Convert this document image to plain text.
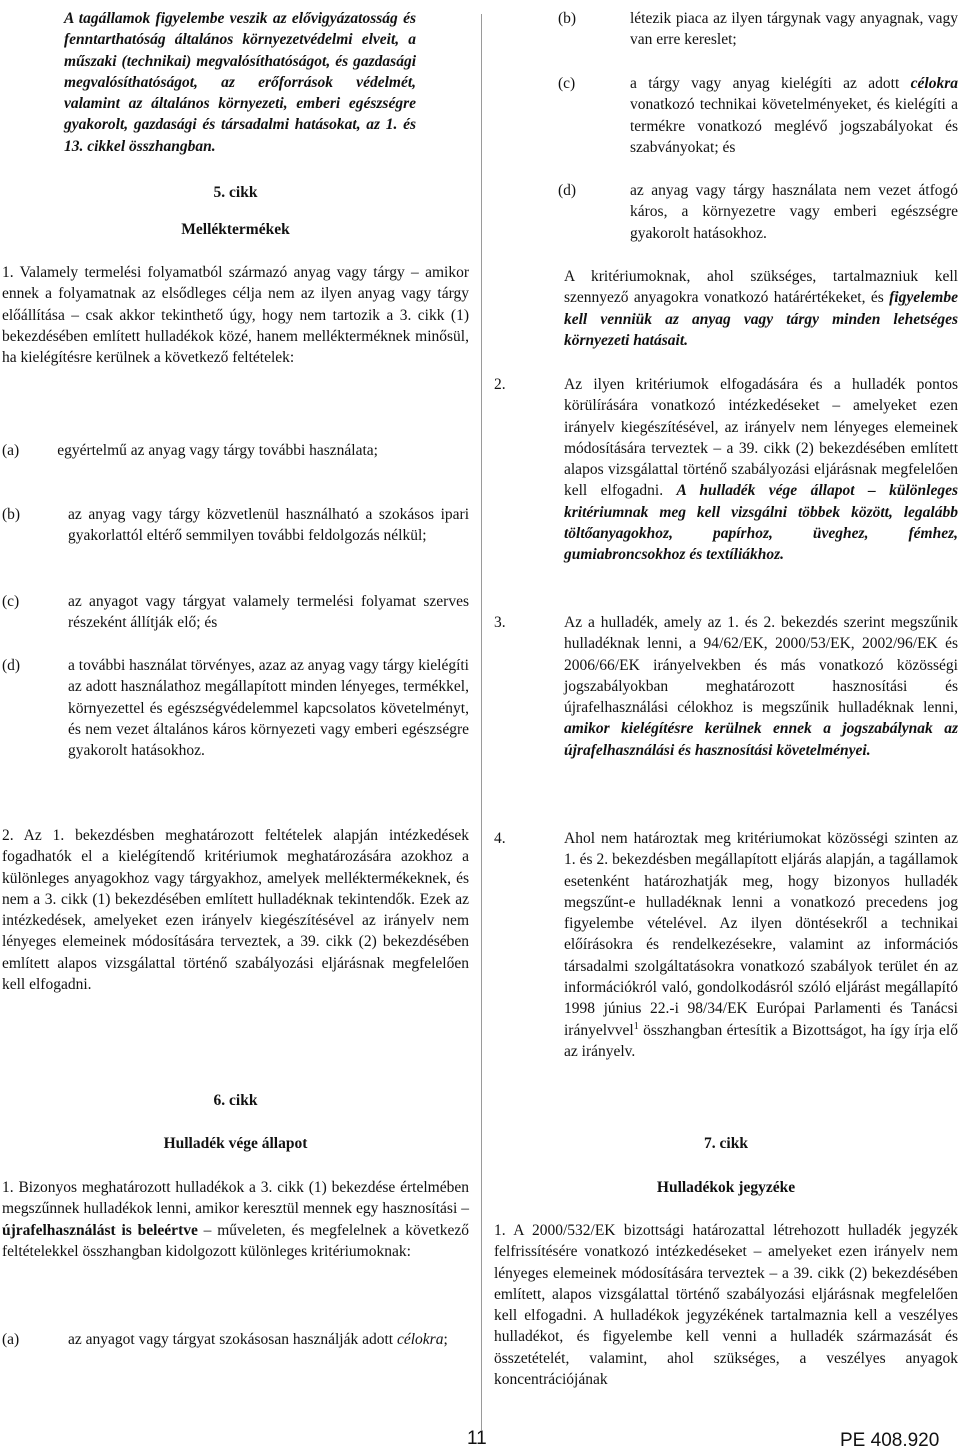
A tagállamok figyelembe veszik az elővigyázatosság és fenntarthatóság általános környezetvédelmi elveit, a műszaki (technikai) megvalósíthatóságot, és gazdasági megvalósíthatóságot, az erőforrások védelmét, valamint az általános környezeti, emberi egészségre gyakorolt, gazdasági és társadalmi hatásokat, az 1. és 13. cikkel összhangban.

5. cikk

Melléktermékek

1. Valamely termelési folyamatból származó anyag vagy tárgy – amikor ennek a folyamatnak az elsődleges célja nem az ilyen anyag vagy tárgy előállítása – csak akkor tekinthető úgy, hogy nem tartozik a 3. cikk (1) bekezdésében említett hulladékok közé, hanem mellékterméknek minősül, ha kielégítésre kerülnek a következő feltételek:

(a) egyértelmű az anyag vagy tárgy további használata;

(b)	az anyag vagy tárgy közvetlenül használható a szokásos ipari gyakorlattól eltérő semmilyen további feldolgozás nélkül;

(c)	az anyagot vagy tárgyat valamely termelési folyamat szerves részeként állítják elő; és

(d)	a további használat törvényes, azaz az anyag vagy tárgy kielégíti az adott használathoz megállapított minden lényeges, termékkel, környezettel és egészségvédelemmel kapcsolatos követelményt, és nem vezet általános káros környezeti vagy emberi egészségre gyakorolt hatásokhoz.

2. Az 1. bekezdésben meghatározott feltételek alapján intézkedések fogadhatók el a kielégítendő kritériumok meghatározására azokhoz a különleges anyagokhoz vagy tárgyakhoz, amelyek melléktermékeknek, és nem a 3. cikk (1) bekezdésében említett hulladéknak tekintendők. Ezek az intézkedések, amelyeket ezen irányelv kiegészítésével az irányelv nem lényeges elemeinek módosítására terveztek, a 39. cikk (2) bekezdésében említett alapos vizsgálattal történő szabályozási eljárásnak megfelelően kell elfogadni.

6. cikk

Hulladék vége állapot

1. Bizonyos meghatározott hulladékok a 3. cikk (1) bekezdése értelmében megszűnnek hulladékok lenni, amikor keresztül mennek egy hasznosítási – újrafelhasználást is beleértve – műveleten, és megfelelnek a következő feltételekkel összhangban kidolgozott különleges kritériumoknak:

(a)	az anyagot vagy tárgyat szokásosan használják adott célokra;

(b)	létezik piaca az ilyen tárgynak vagy anyagnak, vagy van erre kereslet;

(c)	a tárgy vagy anyag kielégíti az adott célokra vonatkozó technikai követelményeket, és kielégíti a termékre vonatkozó meglévő jogszabályokat és szabványokat; és

(d)	az anyag vagy tárgy használata nem vezet átfogó káros, a környezetre vagy emberi egészségre gyakorolt hatásokhoz.

A kritériumoknak, ahol szükséges, tartalmazniuk kell szennyező anyagokra vonatkozó határértékeket, és figyelembe kell venniük az anyag vagy tárgy minden lehetséges környezeti hatásait.

2.	Az ilyen kritériumok elfogadására és a hulladék pontos körülírására vonatkozó intézkedéseket – amelyeket ezen irányelv kiegészítésével, az irányelv nem lényeges elemeinek módosítására terveztek – a 39. cikk (2) bekezdésében említett alapos vizsgálattal történő szabályozási eljárásnak megfelelően kell elfogadni. A hulladék vége állapot – különleges kritériumnak meg kell vizsgálni többek között, legalább töltőanyagokhoz, papírhoz, üveghez, fémhez, gumiabroncsokhoz és textíliákhoz.

3.	Az a hulladék, amely az 1. és 2. bekezdés szerint megszűnik hulladéknak lenni, a 94/62/EK, 2000/53/EK, 2002/96/EK és 2006/66/EK irányelvekben és más vonatkozó közösségi jogszabályokban meghatározott hasznosítási és újrafelhasználási célokhoz is megszűnik hulladéknak lenni, amikor kielégítésre kerülnek ennek a jogszabálynak az újrafelhasználási és hasznosítási követelményei.

4.	Ahol nem határoztak meg kritériumokat közösségi szinten az 1. és 2. bekezdésben megállapított eljárás alapján, a tagállamok esetenként határozhatják meg, hogy bizonyos hulladék megszűnt-e hulladéknak lenni a vonatkozó precedens jog figyelembe vételével. Az ilyen döntésekről a technikai előírásokra és rendelkezésekre, valamint az információs társadalmi szolgáltatásokra vonatkozó szabályok terület én az információkról való, gondolkodásról szóló eljárást megállapító 1998 június 22.-i 98/34/EK Európai Parlamenti és Tanácsi irányelvvel$^1$ összhangban értesítik a Bizottságot, ha így írja elő az irányelv.

7. cikk

Hulladékok jegyzéke

1. A 2000/532/EK bizottsági határozattal létrehozott hulladék jegyzék felfrissítésére vonatkozó intézkedéseket – amelyeket ezen irányelv nem lényeges elemeinek módosítására terveztek – a 39. cikk (2) bekezdésében említett, alapos vizsgálattal történő szabályozási eljárásnak megfelelően kell elfogadni. A hulladékok jegyzékének tartalmaznia kell a veszélyes hulladékot, és figyelembe kell venni a hulladék származását és összetételét, valamint, ahol szükséges, a veszélyes anyagok koncentrációjának

11	PE 408.920
